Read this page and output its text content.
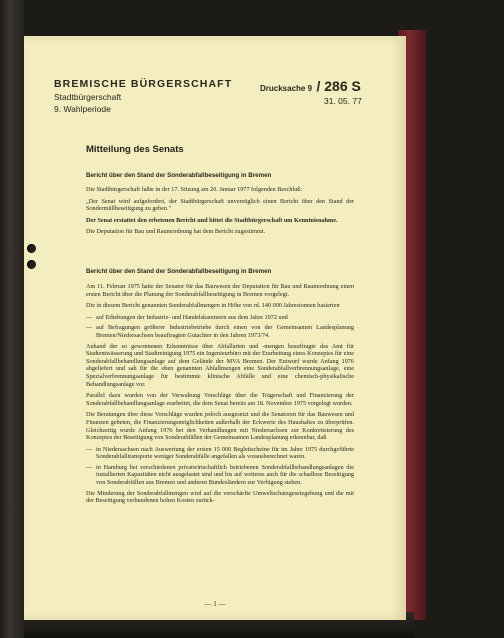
BREMISCHE BÜRGERSCHAFT
Stadtbürgerschaft
9. Wahlperiode
Drucksache 9 / 286 S
31. 05. 77
Mitteilung des Senats
Bericht über den Stand der Sonderabfallbeseitigung in Bremen

Die Stadtbürgerschaft faßte in der 17. Sitzung am 20. Januar 1977 folgenden Beschluß:

„Der Senat wird aufgefordert, der Stadtbürgerschaft unverzüglich einen Bericht über den Stand der Sondermüllbeseitigung zu geben."

Der Senat erstattet den erbetenen Bericht und bittet die Stadtbürgerschaft um Kenntnisnahme.

Die Deputation für Bau und Raumordnung hat dem Bericht zugestimmt.

Bericht über den Stand der Sonderabfallbeseitigung in Bremen

Am 11. Februar 1975 hatte der Senator für das Bauwesen der Deputation für Bau und Raumordnung einen ersten Bericht über die Planung der Sonderabfallbeseitigung in Bremen vorgelegt.

Die in diesem Bericht genannten Sonderabfallmengen in Höhe von rd. 140 000 Jahrestonnen basierten

— auf Erhebungen der Industrie- und Handelskammern aus dem Jahre 1972 und
— auf Befragungen größerer Industriebetriebe durch einen von der Gemeinsamen Landesplanung Bremen/Niedersachsen beauftragten Gutachter in den Jahren 1973/74.

Anhand der so gewonnenen Erkenntnisse über Abfallarten und -mengen beauftragte das Amt für Stadtentwässerung und Stadtreinigung 1975 ein Ingenieurbüro mit der Erarbeitung eines Konzeptes für eine Sonderabfallbehandlungsanlage auf dem Gelände der MVA Bremen. Der Entwurf wurde Anfang 1976 abgeliefert und sah für die oben genannten Abfallmengen eine Sonderabfallverbrennungsanlage, eine Spezialverbrennungsanlage für bestimmte klinische Abfälle und eine chemisch-physikalische Behandlungsanlage vor.

Parallel dazu wurden von der Verwaltung Vorschläge über die Trägerschaft und Finanzierung der Sonderabfallbehandlungsanlage erarbeitet, die dem Senat bereits am 18. November 1975 vorgelegt wurden.

Die Beratungen über diese Vorschläge wurden jedoch ausgesetzt und die Senatoren für das Bauwesen und Finanzen gebeten, die Finanzierungsmöglichkeiten außerhalb der Eckwerte des Haushaltes zu überprüfen. Gleichzeitig wurde Anfang 1976 bei den Verhandlungen mit Niedersachsen zur Konkretisierung des Konzeptes der Beseitigung von Sonderabfällen der Gemeinsamen Landesplanung erkennbar, daß

— in Niedersachsen nach Auswertung der ersten 15 000 Begleitscheine für im Jahre 1975 durchgeführte Sonderabfalltransporte weniger Sonderabfälle angefallen als vorausberechnet waren.
— in Hamburg bei verschiedenen privatwirtschaftlich betriebenen Sonderabfallbehandlungsanlagen die installierten Kapazitäten nicht ausgelastet sind und bis auf weiteres auch für die schadlose Beseitigung von Sonderabfällen aus Bremen und anderen Bundesländern zur Verfügung stehen.

Die Minderung der Sonderabfallmengen wird auf die verschärfte Umweltschutzgesetzgebung und die mit der Beseitigung verbundenen hohen Kosten zurück-

— 1 —
